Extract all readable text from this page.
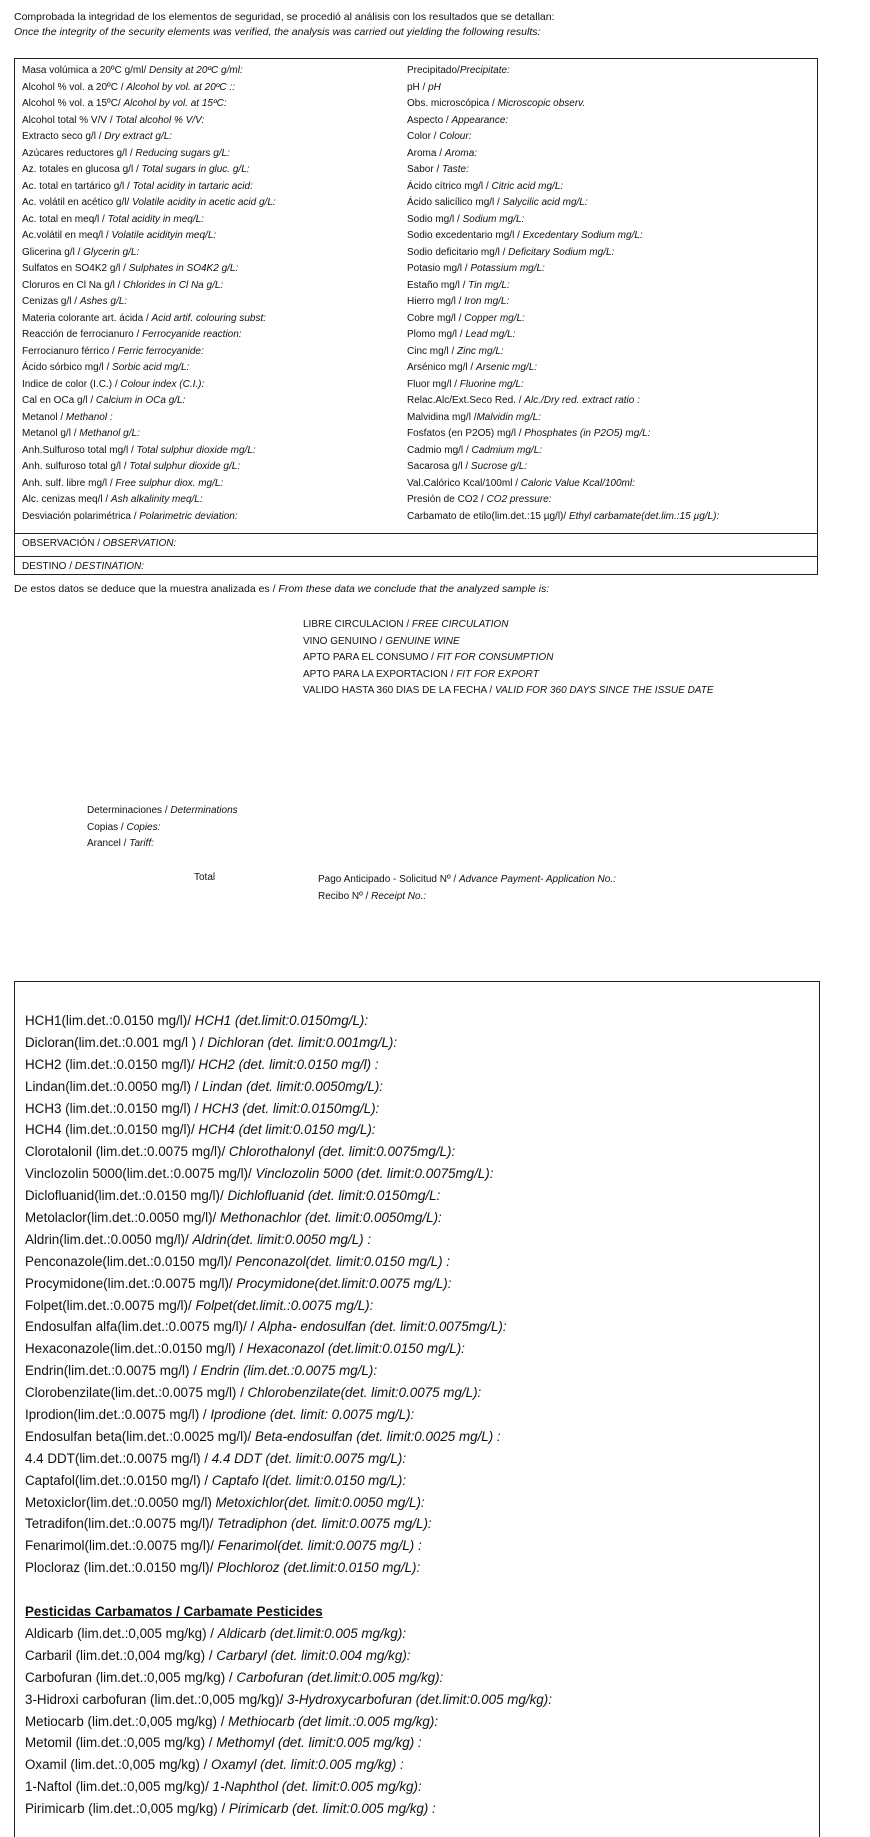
Comprobada la integridad de los elementos de seguridad, se procedió al análisis con los resultados que se detallan:
Once the integrity of the security elements was verified, the analysis was carried out yielding the following results:
Masa volúmica a 20ºC g/ml/ Density at 20ºC g/ml:
Alcohol % vol. a 20ºC / Alcohol by vol. at 20ºC ::
Alcohol % vol. a 15ºC/ Alcohol by vol. at 15ºC:
Alcohol total % V/V / Total alcohol % V/V:
Extracto seco g/l / Dry extract g/L:
Azúcares reductores g/l / Reducing sugars g/L:
Az. totales en glucosa g/l / Total sugars in gluc. g/L:
Ac. total en tartárico g/l / Total acidity in tartaric acid:
Ac. volátil en acético g/l/ Volatile acidity in acetic acid g/L:
Ac. total en meq/l / Total acidity in meq/L:
Ac.volátil en meq/l / Volatile acidityin meq/L:
Glicerina g/l / Glycerin g/L:
Sulfatos en SO4K2 g/l / Sulphates in SO4K2 g/L:
Cloruros en Cl Na g/l / Chlorides in Cl Na g/L:
Cenizas g/l / Ashes g/L:
Materia colorante art. ácida / Acid artif. colouring subst:
Reacción de ferrocianuro / Ferrocyanide reaction:
Ferrocianuro férrico / Ferric ferrocyanide:
Ácido sórbico mg/l / Sorbic acid mg/L:
Indice de color (I.C.) / Colour index (C.I.):
Cal en OCa g/l / Calcium in OCa g/L:
Metanol / Methanol :
Metanol g/l / Methanol g/L:
Anh.Sulfuroso total mg/l / Total sulphur dioxide mg/L:
Anh. sulfuroso total g/l / Total sulphur dioxide g/L:
Anh. sulf. libre mg/l / Free sulphur diox. mg/L:
Alc. cenizas meq/l / Ash alkalinity meq/L:
Desviación polarimétrica / Polarimetric deviation:
Precipitado/Precipitate:
pH / pH
Obs. microscópica / Microscopic observ.
Aspecto / Appearance:
Color / Colour:
Aroma / Aroma:
Sabor / Taste:
Ácido cítrico mg/l / Citric acid mg/L:
Ácido salicílico mg/l / Salycilic acid mg/L:
Sodio mg/l / Sodium mg/L:
Sodio excedentario mg/l / Excedentary Sodium mg/L:
Sodio deficitario mg/l / Deficitary Sodium mg/L:
Potasio mg/l / Potassium mg/L:
Estaño mg/l / Tin mg/L:
Hierro mg/l / Iron mg/L:
Cobre mg/l / Copper mg/L:
Plomo mg/l / Lead mg/L:
Cinc mg/l / Zinc mg/L:
Arsénico mg/l / Arsenic mg/L:
Fluor mg/l / Fluorine mg/L:
Relac.Alc/Ext.Seco Red. / Alc./Dry red. extract ratio :
Malvidina mg/l /Malvidin mg/L:
Fosfatos (en P2O5) mg/l / Phosphates (in P2O5) mg/L:
Cadmio mg/l / Cadmium mg/L:
Sacarosa g/l / Sucrose g/L:
Val.Calórico Kcal/100ml / Caloric Value Kcal/100ml:
Presión de CO2 / CO2 pressure:
Carbamato de etilo(lim.det.:15 µg/l)/ Ethyl carbamate(det.lim.:15 µg/L):
OBSERVACIÓN / OBSERVATION:
DESTINO / DESTINATION:
De estos datos se deduce que la muestra analizada es / From these data we conclude that the analyzed sample is:
LIBRE CIRCULACION / FREE CIRCULATION
VINO GENUINO / GENUINE WINE
APTO PARA EL CONSUMO / FIT FOR CONSUMPTION
APTO PARA LA EXPORTACION / FIT FOR EXPORT
VALIDO HASTA 360 DIAS DE LA FECHA / VALID FOR 360 DAYS SINCE THE ISSUE DATE
Determinaciones / Determinations
Copias / Copies:
Arancel / Tariff:
Total	Pago Anticipado - Solicitud Nº / Advance Payment- Application No.:
Recibo Nº / Receipt No.:
HCH1(lim.det.:0.0150 mg/l)/ HCH1 (det.limit:0.0150mg/L):
Dicloran(lim.det.:0.001 mg/l ) / Dichloran (det. limit:0.001mg/L):
HCH2 (lim.det.:0.0150 mg/l)/ HCH2 (det. limit:0.0150 mg/l) :
Lindan(lim.det.:0.0050 mg/l) / Lindan (det. limit:0.0050mg/L):
HCH3 (lim.det.:0.0150 mg/l) / HCH3 (det. limit:0.0150mg/L):
HCH4 (lim.det.:0.0150 mg/l)/ HCH4 (det limit:0.0150 mg/L):
Clorotalonil (lim.det.:0.0075 mg/l)/ Chlorothalonyl (det. limit:0.0075mg/L):
Vinclozolin 5000(lim.det.:0.0075 mg/l)/ Vinclozolin 5000 (det. limit:0.0075mg/L):
Diclofluanid(lim.det.:0.0150 mg/l)/ Dichlofluanid (det. limit:0.0150mg/L:
Metolaclor(lim.det.:0.0050 mg/l)/ Methonachlor (det. limit:0.0050mg/L):
Aldrin(lim.det.:0.0050 mg/l)/ Aldrin(det. limit:0.0050 mg/L) :
Penconazole(lim.det.:0.0150 mg/l)/ Penconazol(det. limit:0.0150 mg/L) :
Procymidone(lim.det.:0.0075 mg/l)/ Procymidone(det.limit:0.0075 mg/L):
Folpet(lim.det.:0.0075 mg/l)/ Folpet(det.limit.:0.0075 mg/L):
Endosulfan alfa(lim.det.:0.0075 mg/l)/ / Alpha- endosulfan (det. limit:0.0075mg/L):
Hexaconazole(lim.det.:0.0150 mg/l) / Hexaconazol (det.limit:0.0150 mg/L):
Endrin(lim.det.:0.0075 mg/l) / Endrin (lim.det.:0.0075 mg/L):
Clorobenzilate(lim.det.:0.0075 mg/l) / Chlorobenzilate(det. limit:0.0075 mg/L):
Iprodion(lim.det.:0.0075 mg/l) / Iprodione (det. limit: 0.0075 mg/L):
Endosulfan beta(lim.det.:0.0025 mg/l)/ Beta-endosulfan (det. limit:0.0025 mg/L) :
4.4 DDT(lim.det.:0.0075 mg/l) / 4.4 DDT (det. limit:0.0075 mg/L):
Captafol(lim.det.:0.0150 mg/l) / Captafo l(det. limit:0.0150 mg/L):
Metoxiclor(lim.det.:0.0050 mg/l) Metoxichlor(det. limit:0.0050 mg/L):
Tetradifon(lim.det.:0.0075 mg/l)/ Tetradiphon (det. limit:0.0075 mg/L):
Fenarimol(lim.det.:0.0075 mg/l)/ Fenarimol(det. limit:0.0075 mg/L) :
Plocloraz (lim.det.:0.0150 mg/l)/ Plochloroz (det.limit:0.0150 mg/L):
Pesticidas Carbamatos / Carbamate Pesticides
Aldicarb (lim.det.:0,005 mg/kg) / Aldicarb (det.limit:0.005 mg/kg):
Carbaril (lim.det.:0,004 mg/kg) / Carbaryl (det. limit:0.004 mg/kg):
Carbofuran (lim.det.:0,005 mg/kg) / Carbofuran (det.limit:0.005 mg/kg):
3-Hidroxi carbofuran (lim.det.:0,005 mg/kg)/ 3-Hydroxycarbofuran (det.limit:0.005 mg/kg):
Metiocarb (lim.det.:0,005 mg/kg) / Methiocarb (det limit.:0.005 mg/kg):
Metomil (lim.det.:0,005 mg/kg) / Methomyl (det. limit:0.005 mg/kg) :
Oxamil (lim.det.:0,005 mg/kg) / Oxamyl (det. limit:0.005 mg/kg) :
1-Naftol (lim.det.:0,005 mg/kg)/ 1-Naphthol (det. limit:0.005 mg/kg):
Pirimicarb (lim.det.:0,005 mg/kg) / Pirimicarb (det. limit:0.005 mg/kg) :
